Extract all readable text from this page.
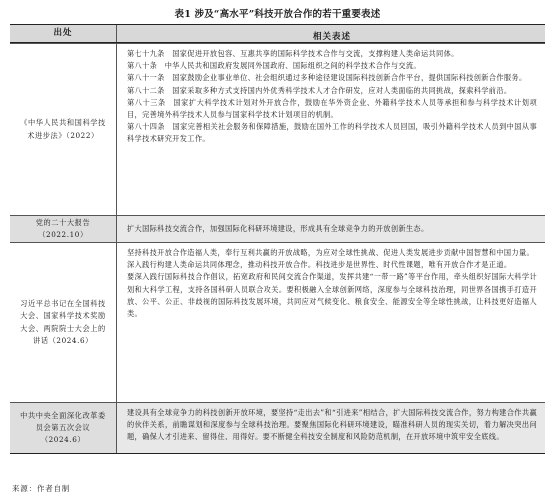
表1 涉及“高水平”科技开放合作的若干重要表述
出处	相关表述
《中华人民共和国科学技术进步法》（2022）

第七十九条　国家促进开放包容、互惠共享的国际科学技术合作与交流，支撑构建人类命运共同体。

第八十条　中华人民共和国政府发展同外国政府、国际组织之间的科学技术合作与交流。

第八十一条　国家鼓励企业事业单位、社会组织通过多种途径建设国际科技创新合作平台，提供国际科技创新合作服务。

第八十二条　国家采取多种方式支持国内外优秀科学技术人才合作研发，应对人类面临的共同挑战，探索科学前沿。

第八十三条　国家扩大科学技术计划对外开放合作，鼓励在华外资企业、外籍科学技术人员等承担和参与科学技术计划项目，完善境外科学技术人员参与国家科学技术计划项目的机制。

第八十四条　国家完善相关社会服务和保障措施，鼓励在国外工作的科学技术人员回国，吸引外籍科学技术人员到中国从事科学技术研究开发工作。

党的二十大报告（2022.10）

扩大国际科技交流合作，加强国际化科研环境建设，形成具有全球竞争力的开放创新生态。

习近平总书记在全国科技大会、国家科学技术奖励大会、两院院士大会上的讲话（2024.6）

坚持科技开放合作造福人类，奉行互利共赢的开放战略，为应对全球性挑战、促进人类发展进步贡献中国智慧和中国力量。

深入践行构建人类命运共同体理念，推动科技开放合作。科技进步是世界性、时代性课题，唯有开放合作才是正道。

要深入践行国际科技合作倡议，拓宽政府和民间交流合作渠道，发挥共建“一带一路”等平台作用，牵头组织好国际大科学计划和大科学工程，支持各国科研人员联合攻关。要积极融入全球创新网络，深度参与全球科技治理，同世界各国携手打造开放、公平、公正、非歧视的国际科技发展环境，共同应对气候变化、粮食安全、能源安全等全球性挑战，让科技更好造福人类。

中共中央全面深化改革委员会第五次会议（2024.6）

建设具有全球竞争力的科技创新开放环境，要坚持“走出去”和“引进来”相结合，扩大国际科技交流合作，努力构建合作共赢的伙伴关系，前瞻谋划和深度参与全球科技治理。要聚焦国际化科研环境建设，瞄准科研人员的现实关切，着力解决突出问题，确保人才引进来、留得住、用得好。要不断健全科技安全制度和风险防范机制，在开放环境中筑牢安全底线。

来源：作者自制
